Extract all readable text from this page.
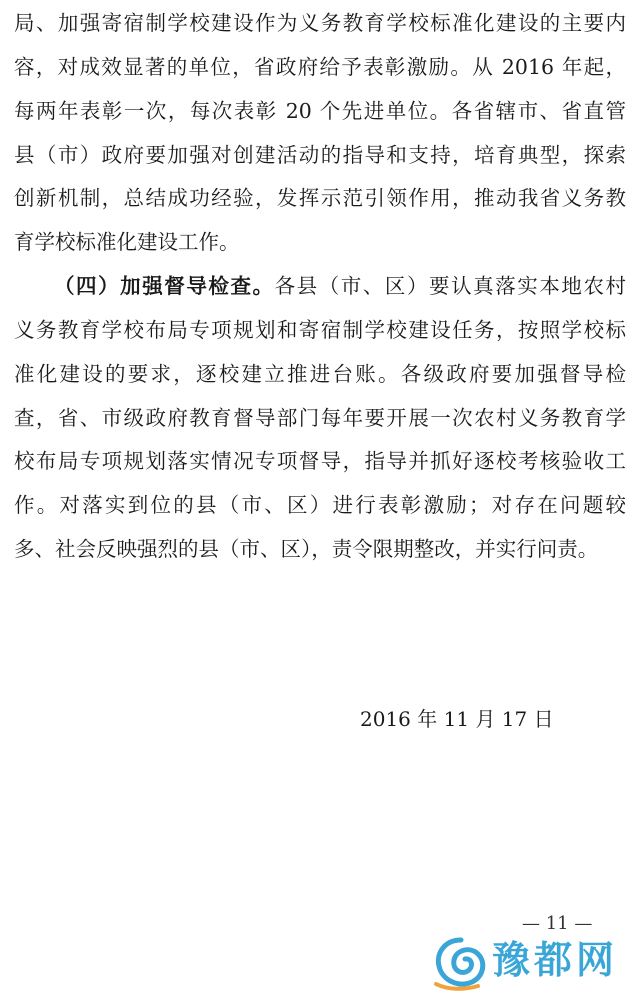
局、加强寄宿制学校建设作为义务教育学校标准化建设的主要内
容，对成效显著的单位，省政府给予表彰激励。从 2016 年起，
每两年表彰一次，每次表彰 20 个先进单位。各省辖市、省直管
县（市）政府要加强对创建活动的指导和支持，培育典型，探索
创新机制，总结成功经验，发挥示范引领作用，推动我省义务教
育学校标准化建设工作。
（四）加强督导检查。各县（市、区）要认真落实本地农村
义务教育学校布局专项规划和寄宿制学校建设任务，按照学校标
准化建设的要求，逐校建立推进台账。各级政府要加强督导检
查，省、市级政府教育督导部门每年要开展一次农村义务教育学
校布局专项规划落实情况专项督导，指导并抓好逐校考核验收工
作。对落实到位的县（市、区）进行表彰激励；对存在问题较
多、社会反映强烈的县（市、区），责令限期整改，并实行问责。
2016 年 11 月 17 日
— 11 —
豫都网
